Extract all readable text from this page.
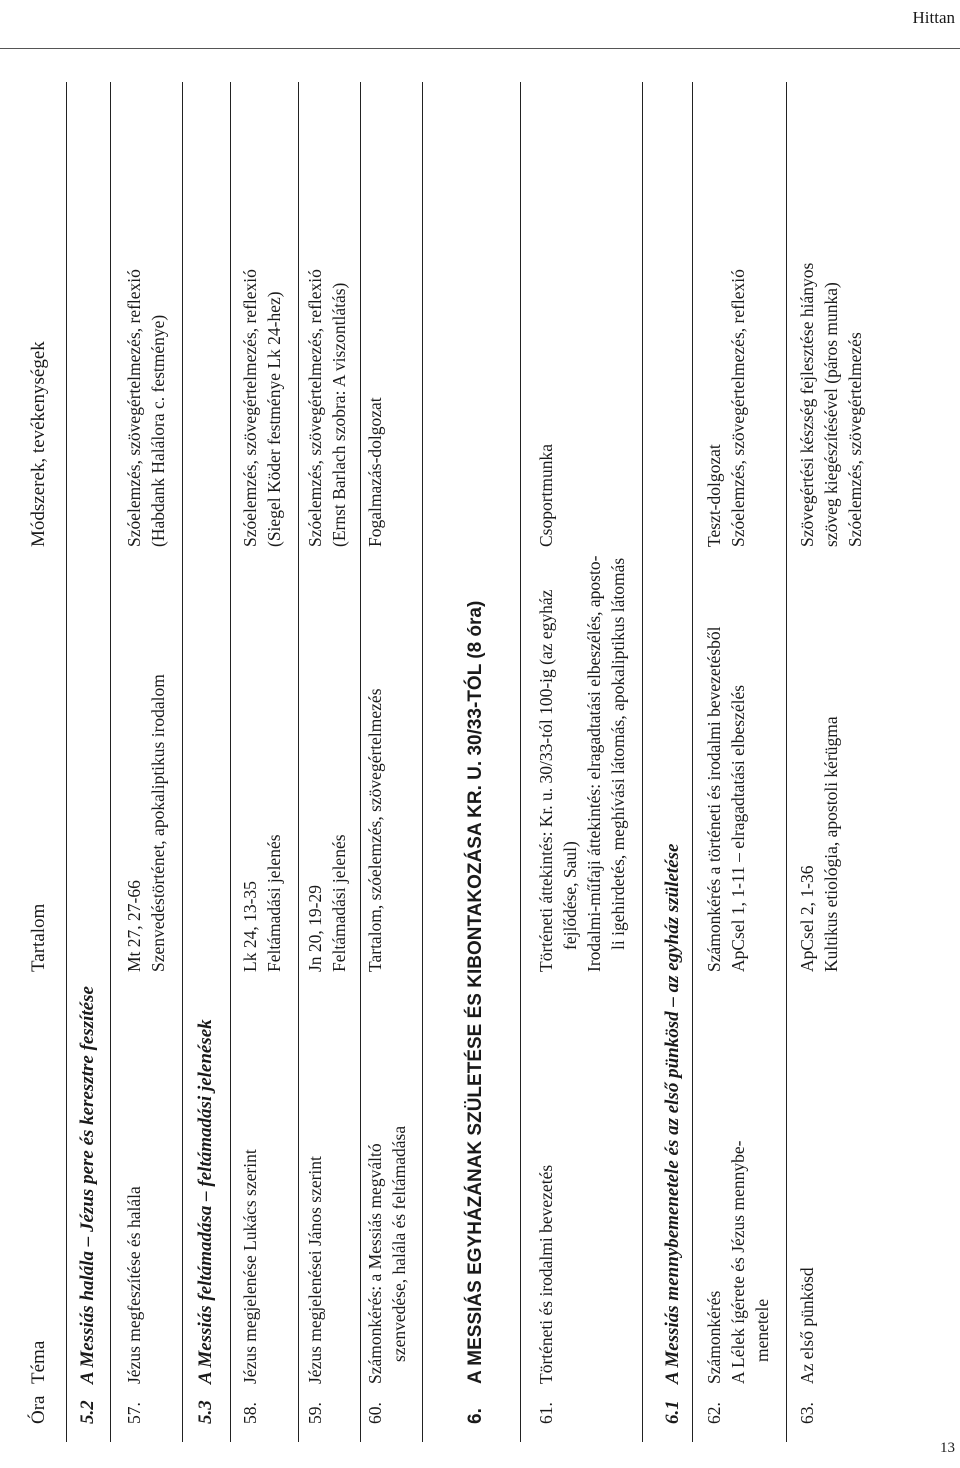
Hittan
Óra
Téma
Tartalom
Módszerek, tevékenységek
5.2
A Messiás halála – Jézus pere és keresztre feszítése
57.
Jézus megfeszítése és halála
Mt 27, 27-66 Szenvedéstörténet, apokaliptikus irodalom
Szóelemzés, szövegértelmezés, reflexió (Habdank Halálora c. festménye)
5.3
A Messiás feltámadása – feltámadási jelenések
58.
Jézus megjelenése Lukács szerint
Lk 24, 13-35 Feltámadási jelenés
Szóelemzés, szövegértelmezés, reflexió (Siegel Köder festménye Lk 24-hez)
59.
Jézus megjelenései János szerint
Jn 20, 19-29 Feltámadási jelenés
Szóelemzés, szövegértelmezés, reflexió (Ernst Barlach szobra: A viszontlátás)
60.
Számonkérés: a Messiás megváltó szenvedése, halála és feltámadása
Tartalom, szóelemzés, szövegértelmezés
Fogalmazás-dolgozat
6.
A MESSIÁS EGYHÁZÁNAK SZÜLETÉSE ÉS KIBONTAKOZÁSA KR. U. 30/33-TÓL (8 óra)
61.
Történeti és irodalmi bevezetés
Történeti áttekintés: Kr. u. 30/33-tól 100-ig (az egyház fejlődése, Saul) Irodalmi-műfaji áttekintés: elragadtatási elbeszélés, aposto- li igehirdetés, meghívási látomás, apokaliptikus látomás
Csoportmunka
6.1
A Messiás mennybemenetele és az első pünkösd – az egyház születése
62.
Számonkérés A Lélek ígérete és Jézus mennybe- menetele
Számonkérés a történeti és irodalmi bevezetésből ApCsel 1, 1-11 – elragadtatási elbeszélés
Teszt-dolgozat Szóelemzés, szövegértelmezés, reflexió
63.
Az első pünkösd
ApCsel 2, 1-36 Kultikus etiológia, apostoli kérügma
Szövegértési készség fejlesztése hiányos szöveg kiegészítésével (páros munka) Szóelemzés, szövegértelmezés
13
